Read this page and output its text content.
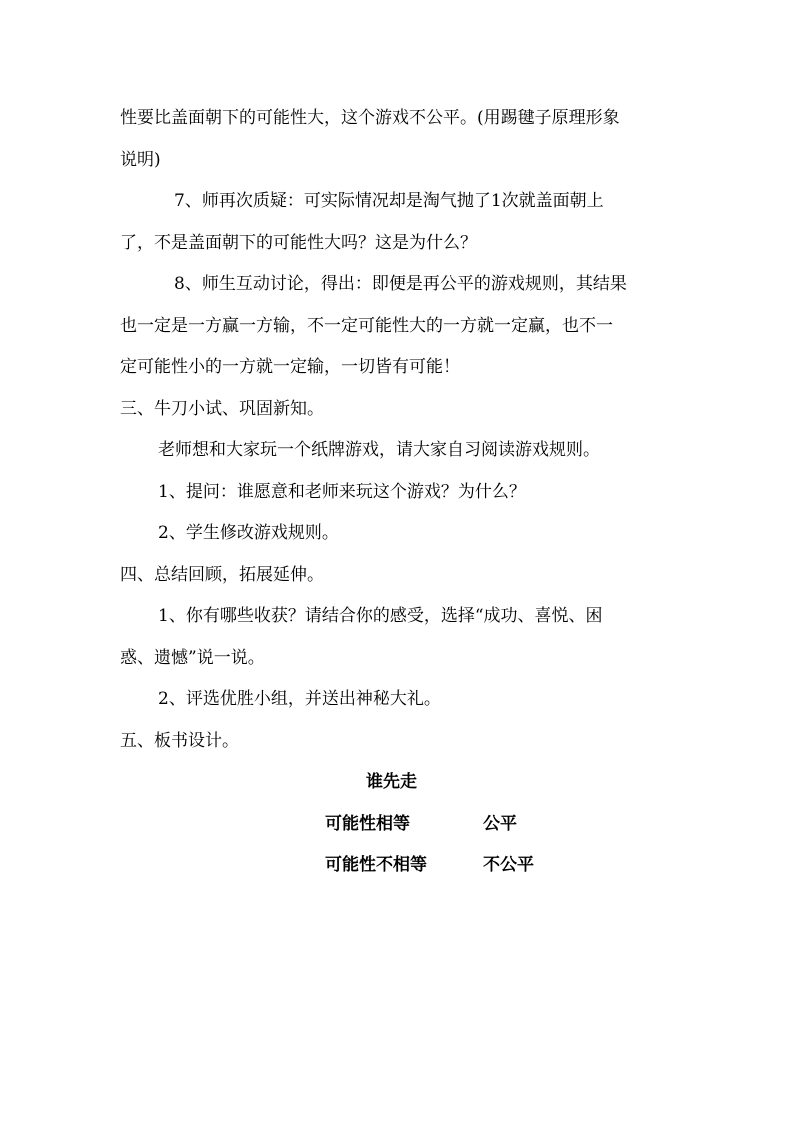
性要比盖面朝下的可能性大，这个游戏不公平。(用踢毽子原理形象
说明)
7、师再次质疑：可实际情况却是淘气抛了1次就盖面朝上
了，不是盖面朝下的可能性大吗？这是为什么？
8、师生互动讨论，得出：即便是再公平的游戏规则，其结果
也一定是一方赢一方输，不一定可能性大的一方就一定赢，也不一
定可能性小的一方就一定输，一切皆有可能！
三、牛刀小试、巩固新知。
老师想和大家玩一个纸牌游戏，请大家自习阅读游戏规则。
1、提问：谁愿意和老师来玩这个游戏？为什么？
2、学生修改游戏规则。
四、总结回顾，拓展延伸。
1、你有哪些收获？请结合你的感受，选择“成功、喜悦、困
惑、遗憾”说一说。
2、评选优胜小组，并送出神秘大礼。
五、板书设计。
谁先走
可能性相等	公平
可能性不相等	不公平
